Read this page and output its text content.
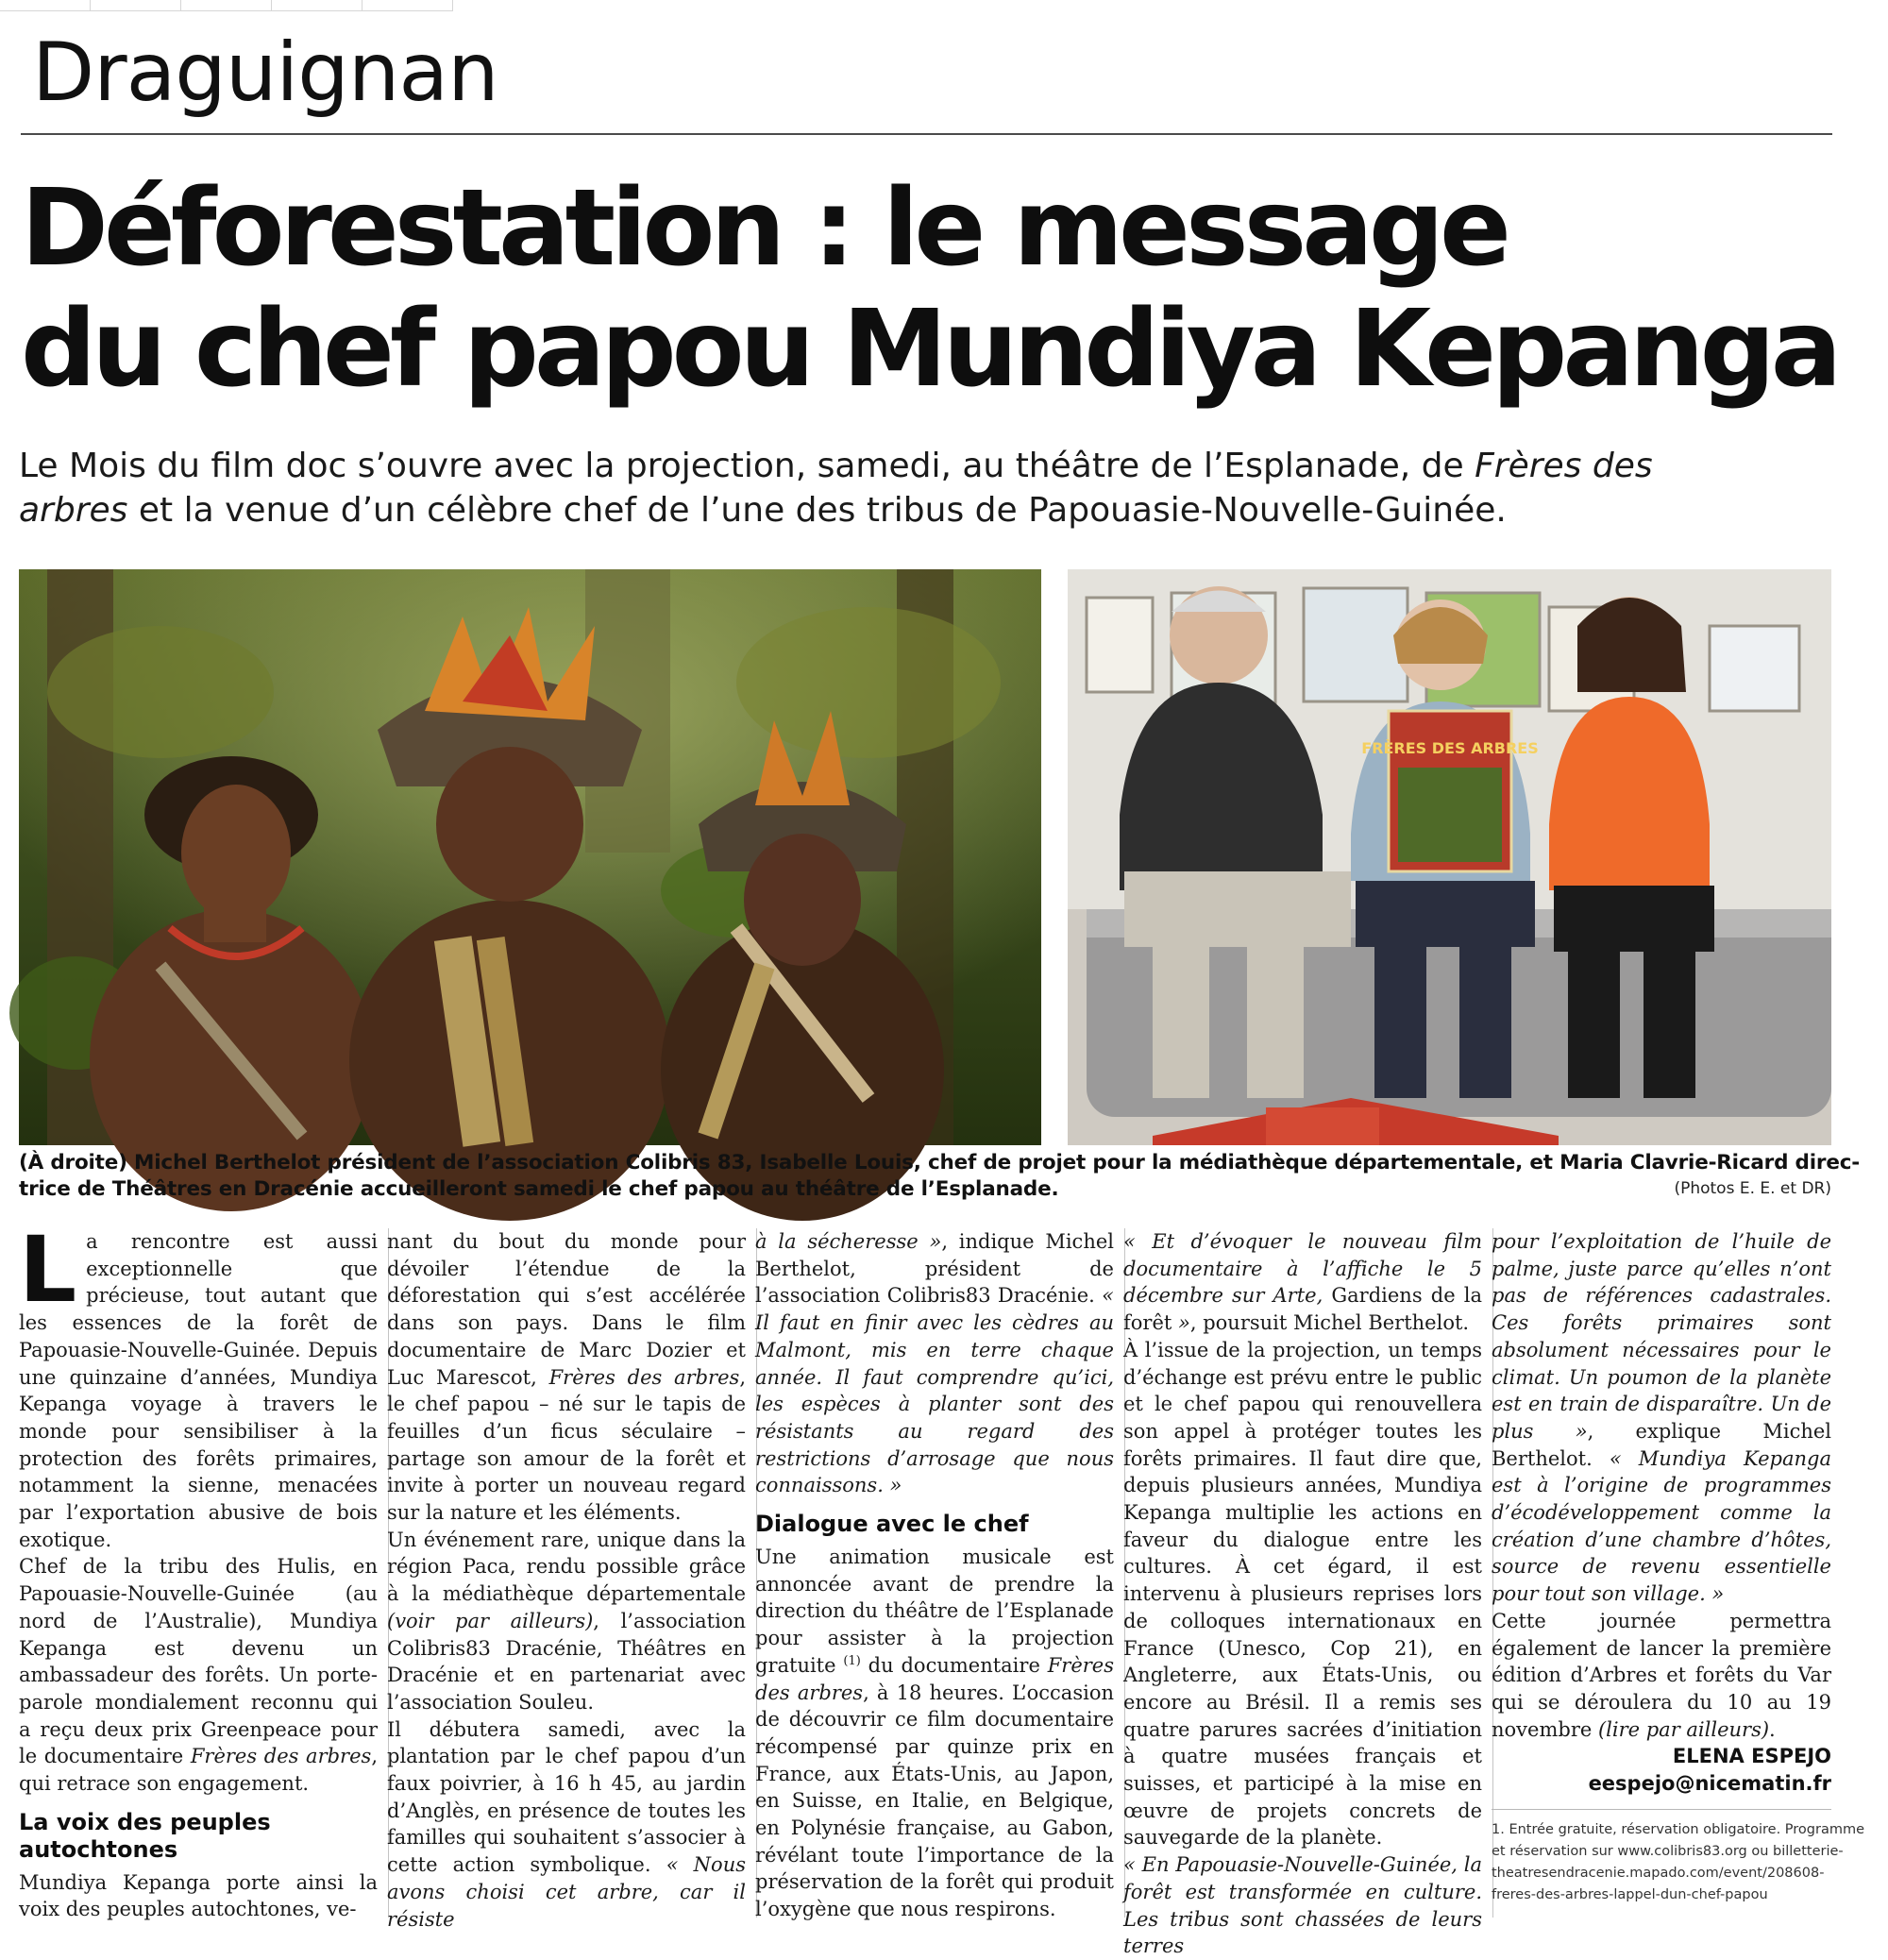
Draguignan
Déforestation : le message
du chef papou Mundiya Kepanga
Le Mois du film doc s’ouvre avec la projection, samedi, au théâtre de l’Esplanade, de Frères des
arbres et la venue d’un célèbre chef de l’une des tribus de Papouasie-Nouvelle-Guinée.
FRÈRES DES ARBRES
(À droite) Michel Berthelot président de l’association Colibris 83, Isabelle Louis, chef de projet pour la médiathèque départementale, et Maria Clavrie-Ricard direc-
trice de Théâtres en Dracénie accueilleront samedi le chef papou au théâtre de l’Esplanade.	(Photos E. E. et DR)

La rencontre est aussi exceptionnelle que précieuse, tout autant que les essences de la forêt de Papouasie-Nouvelle-Guinée. Depuis une quinzaine d’années, Mundiya Kepanga voyage à travers le monde pour sensibiliser à la protection des forêts primaires, notamment la sienne, menacées par l’exportation abusive de bois exotique.

Chef de la tribu des Hulis, en Papouasie-Nouvelle-Guinée (au nord de l’Australie), Mundiya Kepanga est devenu un ambassadeur des forêts. Un porte-parole mondialement reconnu qui a reçu deux prix Greenpeace pour le documentaire Frères des arbres, qui retrace son engagement.

La voix des peuples autochtones

Mundiya Kepanga porte ainsi la voix des peuples autochtones, ve-

nant du bout du monde pour dévoiler l’étendue de la déforestation qui s’est accélérée dans son pays. Dans le film documentaire de Marc Dozier et Luc Marescot, Frères des arbres, le chef papou – né sur le tapis de feuilles d’un ficus séculaire – partage son amour de la forêt et invite à porter un nouveau regard sur la nature et les éléments.

Un événement rare, unique dans la région Paca, rendu possible grâce à la médiathèque départementale (voir par ailleurs), l’association Colibris83 Dracénie, Théâtres en Dracénie et en partenariat avec l’association Souleu.

Il débutera samedi, avec la plantation par le chef papou d’un faux poivrier, à 16 h 45, au jardin d’Anglès, en présence de toutes les familles qui souhaitent s’associer à cette action symbolique. « Nous avons choisi cet arbre, car il résiste

à la sécheresse », indique Michel Berthelot, président de l’association Colibris83 Dracénie. « Il faut en finir avec les cèdres au Malmont, mis en terre chaque année. Il faut comprendre qu’ici, les espèces à planter sont des résistants au regard des restrictions d’arrosage que nous connaissons. »

Dialogue avec le chef

Une animation musicale est annoncée avant de prendre la direction du théâtre de l’Esplanade pour assister à la projection gratuite $^{(1)}$ du documentaire Frères des arbres, à 18 heures. L’occasion de découvrir ce film documentaire récompensé par quinze prix en France, aux États-Unis, au Japon, en Suisse, en Italie, en Belgique, en Polynésie française, au Gabon, révélant toute l’importance de la préservation de la forêt qui produit l’oxygène que nous respirons.

« Et d’évoquer le nouveau film documentaire à l’affiche le 5 décembre sur Arte, Gardiens de la forêt », poursuit Michel Berthelot.

À l’issue de la projection, un temps d’échange est prévu entre le public et le chef papou qui renouvellera son appel à protéger toutes les forêts primaires. Il faut dire que, depuis plusieurs années, Mundiya Kepanga multiplie les actions en faveur du dialogue entre les cultures. À cet égard, il est intervenu à plusieurs reprises lors de colloques internationaux en France (Unesco, Cop 21), en Angleterre, aux États-Unis, ou encore au Brésil. Il a remis ses quatre parures sacrées d’initiation à quatre musées français et suisses, et participé à la mise en œuvre de projets concrets de sauvegarde de la planète.

« En Papouasie-Nouvelle-Guinée, la forêt est transformée en culture. Les tribus sont chassées de leurs terres

pour l’exploitation de l’huile de palme, juste parce qu’elles n’ont pas de références cadastrales. Ces forêts primaires sont absolument nécessaires pour le climat. Un poumon de la planète est en train de disparaître. Un de plus », explique Michel Berthelot. « Mundiya Kepanga est à l’origine de programmes d’écodéveloppement comme la création d’une chambre d’hôtes, source de revenu essentielle pour tout son village. »

Cette journée permettra également de lancer la première édition d’Arbres et forêts du Var qui se déroulera du 10 au 19 novembre (lire par ailleurs).

ELENA ESPEJO
eespejo@nicematin.fr
1. Entrée gratuite, réservation obligatoire. Programme
et réservation sur www.colibris83.org ou billetterie-
theatresendracenie.mapado.com/event/208608-
freres-des-arbres-lappel-dun-chef-papou
